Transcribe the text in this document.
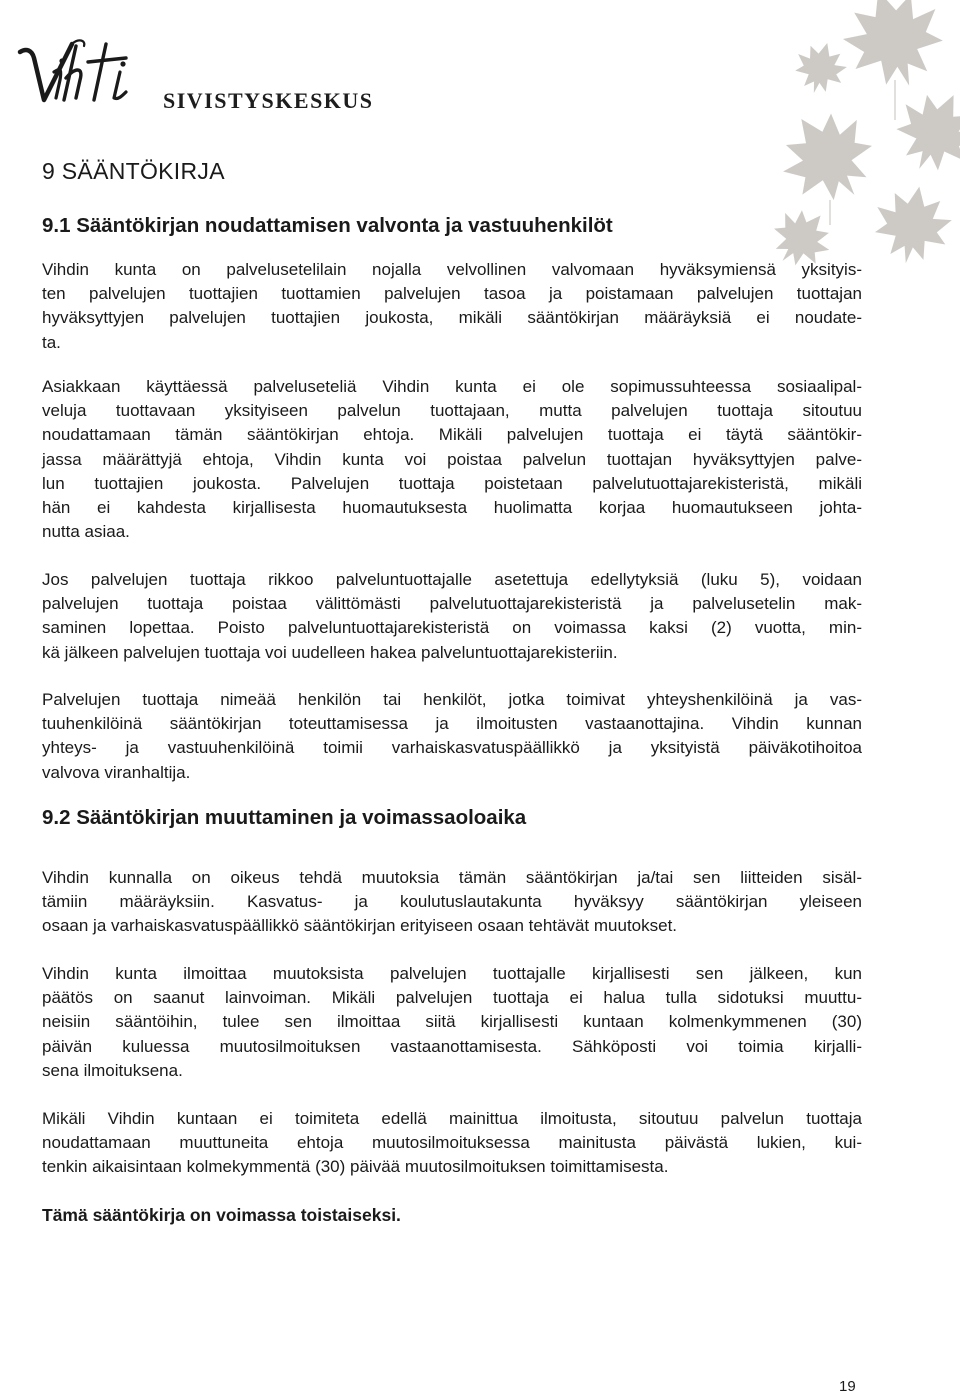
SIVISTYSKESKUS
9 SÄÄNTÖKIRJA
9.1 Sääntökirjan noudattamisen valvonta ja vastuuhenkilöt

Vihdin kunta on palvelusetelilain nojalla velvollinen valvomaan hyväksymiensä yksityis-
ten palvelujen tuottajien tuottamien palvelujen tasoa ja poistamaan palvelujen tuottajan
hyväksyttyjen palvelujen tuottajien joukosta, mikäli sääntökirjan määräyksiä ei noudate-
ta.

Asiakkaan käyttäessä palveluseteliä Vihdin kunta ei ole sopimussuhteessa sosiaalipal-
veluja tuottavaan yksityiseen palvelun tuottajaan, mutta palvelujen tuottaja sitoutuu
noudattamaan tämän sääntökirjan ehtoja. Mikäli palvelujen tuottaja ei täytä sääntökir-
jassa määrättyjä ehtoja, Vihdin kunta voi poistaa palvelun tuottajan hyväksyttyjen palve-
lun tuottajien joukosta. Palvelujen tuottaja poistetaan palvelutuottajarekisteristä, mikäli
hän ei kahdesta kirjallisesta huomautuksesta huolimatta korjaa huomautukseen johta-
nutta asiaa.

Jos palvelujen tuottaja rikkoo palveluntuottajalle asetettuja edellytyksiä (luku 5), voidaan
palvelujen tuottaja poistaa välittömästi palvelutuottajarekisteristä ja palvelusetelin mak-
saminen lopettaa. Poisto palveluntuottajarekisteristä on voimassa kaksi (2) vuotta, min-
kä jälkeen palvelujen tuottaja voi uudelleen hakea palveluntuottajarekisteriin.

Palvelujen tuottaja nimeää henkilön tai henkilöt, jotka toimivat yhteyshenkilöinä ja vas-
tuuhenkilöinä sääntökirjan toteuttamisessa ja ilmoitusten vastaanottajina. Vihdin kunnan
yhteys- ja vastuuhenkilöinä toimii varhaiskasvatuspäällikkö ja yksityistä päiväkotihoitoa
valvova viranhaltija.

9.2 Sääntökirjan muuttaminen ja voimassaoloaika

Vihdin kunnalla on oikeus tehdä muutoksia tämän sääntökirjan ja/tai sen liitteiden sisäl-
tämiin määräyksiin. Kasvatus- ja koulutuslautakunta hyväksyy sääntökirjan yleiseen
osaan ja varhaiskasvatuspäällikkö sääntökirjan erityiseen osaan tehtävät muutokset.

Vihdin kunta ilmoittaa muutoksista palvelujen tuottajalle kirjallisesti sen jälkeen, kun
päätös on saanut lainvoiman. Mikäli palvelujen tuottaja ei halua tulla sidotuksi muuttu-
neisiin sääntöihin, tulee sen ilmoittaa siitä kirjallisesti kuntaan kolmenkymmenen (30)
päivän kuluessa muutosilmoituksen vastaanottamisesta. Sähköposti voi toimia kirjalli-
sena ilmoituksena.

Mikäli Vihdin kuntaan ei toimiteta edellä mainittua ilmoitusta, sitoutuu palvelun tuottaja
noudattamaan muuttuneita ehtoja muutosilmoituksessa mainitusta päivästä lukien, kui-
tenkin aikaisintaan kolmekymmentä (30) päivää muutosilmoituksen toimittamisesta.

Tämä sääntökirja on voimassa toistaiseksi.

19
